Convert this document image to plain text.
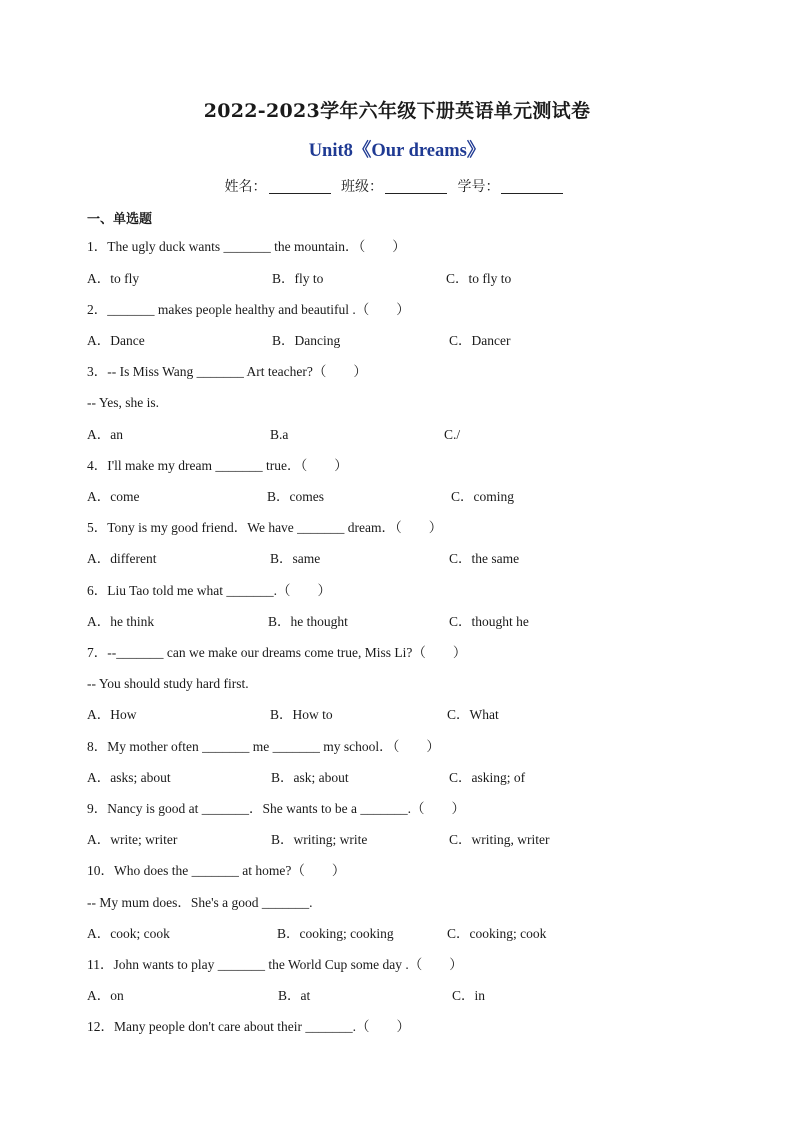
2022-2023学年六年级下册英语单元测试卷
Unit8《Our dreams》
姓名：	班级：	学号：
一、单选题
1．The ugly duck wants _______ the mountain．（　　）
A．to fly	B．fly to	C．to fly to
2．_______ makes people healthy and beautiful .（　　）
A．Dance	B．Dancing	C．Dancer
3．-- Is Miss Wang _______ Art teacher?（　　）
-- Yes, she is.
A．an	B.a	C./
4．I'll make my dream _______ true．（　　）
A．come	B．comes	C．coming
5．Tony is my good friend．We have _______ dream．（　　）
A．different	B．same	C．the same
6．Liu Tao told me what _______.（　　）
A．he think	B．he thought	C．thought he
7．--_______ can we make our dreams come true, Miss Li?（　　）
-- You should study hard first.
A．How	B．How to	C．What
8．My mother often _______ me _______ my school．（　　）
A．asks; about	B．ask; about	C．asking; of
9．Nancy is good at _______．She wants to be a _______.（　　）
A．write; writer	B．writing; write	C．writing, writer
10．Who does the _______ at home?（　　）
-- My mum does．She's a good _______.
A．cook; cook	B．cooking; cooking	C．cooking; cook
11．John wants to play _______ the World Cup some day .（　　）
A．on	B．at	C．in
12．Many people don't care about their _______.（　　）
